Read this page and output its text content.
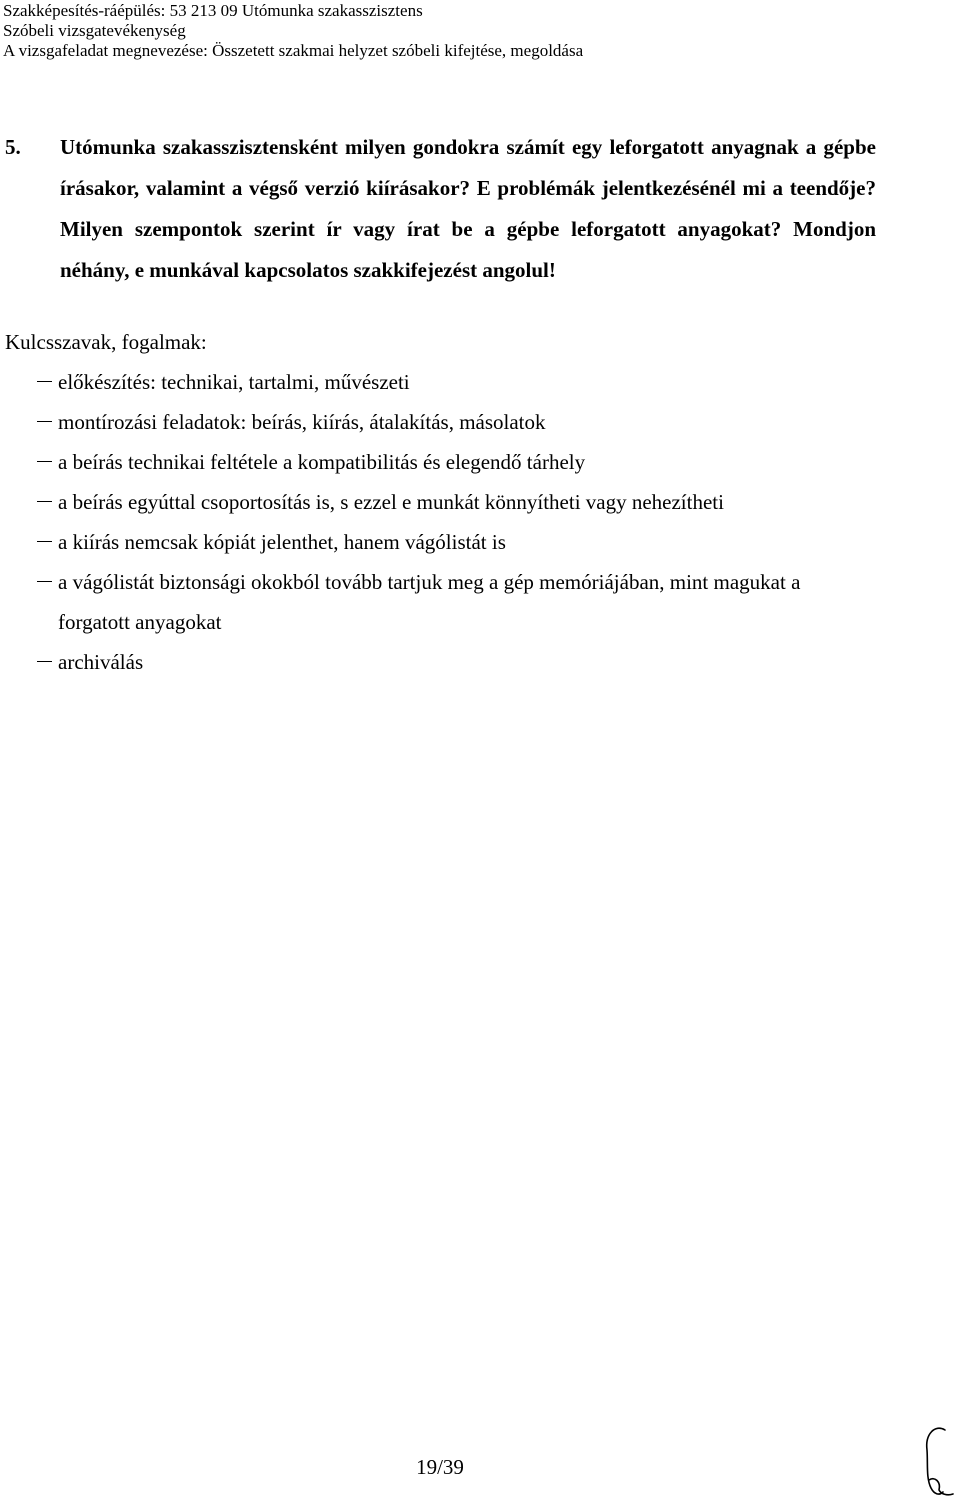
Szakképesítés-ráépülés: 53 213 09 Utómunka szakasszisztens
Szóbeli vizsgatevékenység
A vizsgafeladat megnevezése: Összetett szakmai helyzet szóbeli kifejtése, megoldása
5. Utómunka szakasszisztensként milyen gondokra számít egy leforgatott anyagnak a gépbe írásakor, valamint a végső verzió kiírásakor? E problémák jelentkezésénél mi a teendője? Milyen szempontok szerint ír vagy írat be a gépbe leforgatott anyagokat? Mondjon néhány, e munkával kapcsolatos szakkifejezést angolul!

Kulcsszavak, fogalmak:

előkészítés: technikai, tartalmi, művészeti
montírozási feladatok: beírás, kiírás, átalakítás, másolatok
a beírás technikai feltétele a kompatibilitás és elegendő tárhely
a beírás egyúttal csoportosítás is, s ezzel e munkát könnyítheti vagy nehezítheti
a kiírás nemcsak kópiát jelenthet, hanem vágólistát is
a vágólistát biztonsági okokból tovább tartjuk meg a gép memóriájában, mint magukat a forgatott anyagokat
archiválás
19/39
